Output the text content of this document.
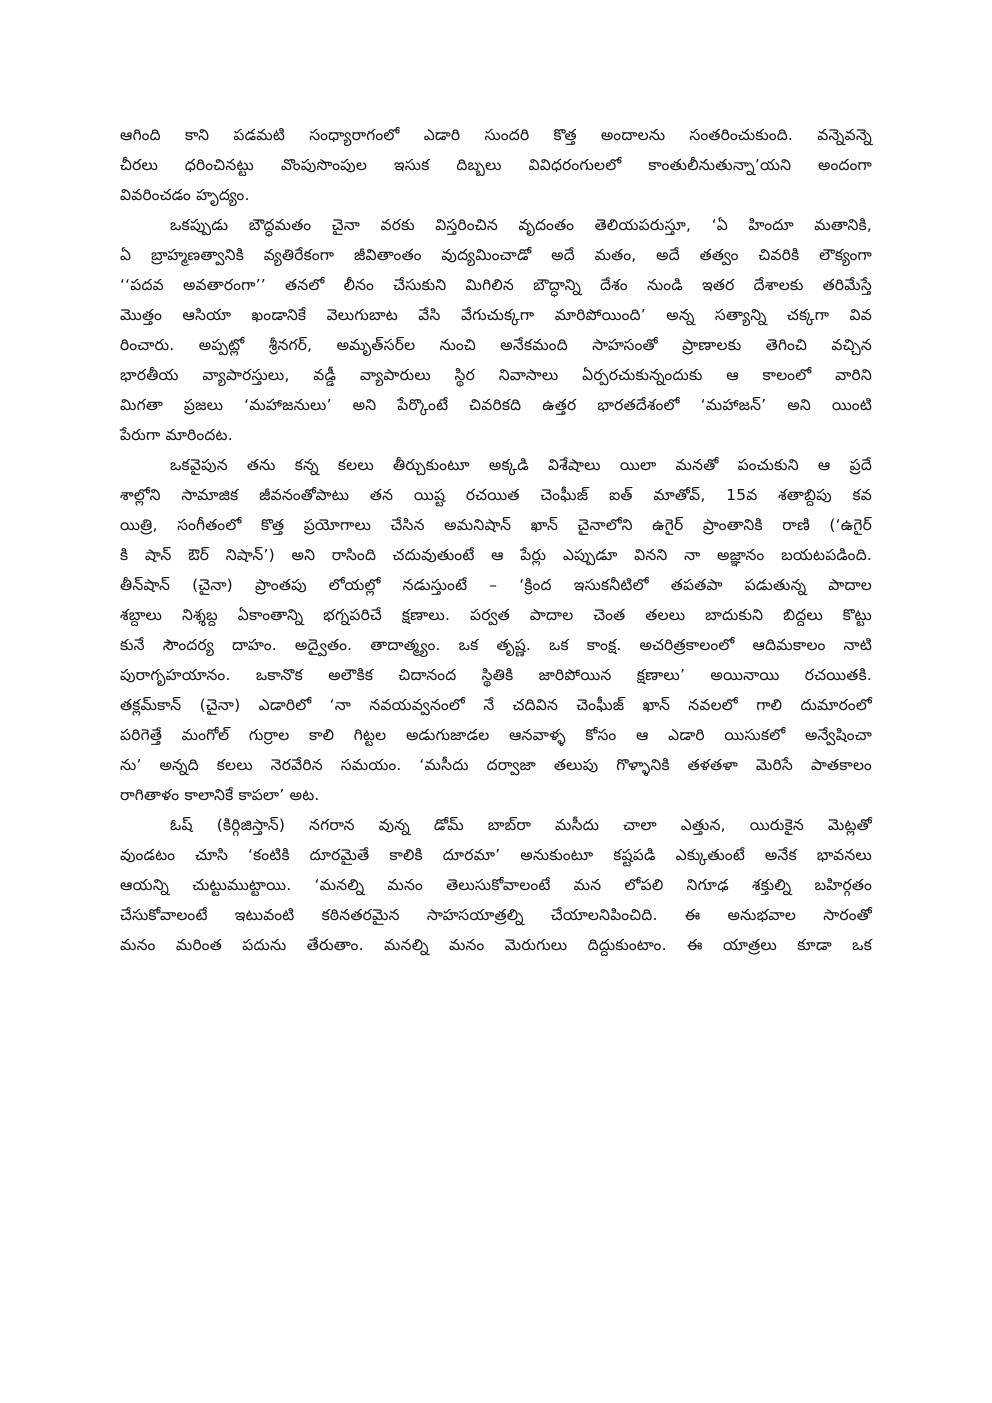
ఆగింది కాని పడమటి సంధ్యారాగంలో ఎడారి సుందరి కొత్త అందాలను సంతరించుకుంది. వన్నెవన్నె
చీరలు ధరించినట్టు వొంపుసొంపుల ఇసుక దిబ్బలు వివిధరంగులలో కాంతులీనుతున్నా’యని అందంగా
వివరించడం హృద్యం.
ఒకప్పుడు బౌద్ధమతం చైనా వరకు విస్తరించిన వృదంతం తెలియపరుస్తూ, ‘ఏ హిందూ మతానికి,
ఏ బ్రాహ్మణత్వానికి వ్యతిరేకంగా జీవితాంతం వుద్యమించాడో అదే మతం, అదే తత్వం చివరికి లౌక్యంగా
‘‘పదవ అవతారంగా’’ తనలో లీనం చేసుకుని మిగిలిన బౌద్ధాన్ని దేశం నుండి ఇతర దేశాలకు తరిమేస్తే
మొత్తం ఆసియా ఖండానికే వెలుగుబాట వేసి వేగుచుక్కగా మారిపోయింది’ అన్న సత్యాన్ని చక్కగా వివ
రించారు. అప్పట్లో శ్రీనగర్, అమృత్‌సర్‌ల నుంచి అనేకమంది సాహసంతో ప్రాణాలకు తెగించి వచ్చిన
భారతీయ వ్యాపారస్తులు, వడ్డీ వ్యాపారులు స్థిర నివాసాలు ఏర్పరచుకున్నందుకు ఆ కాలంలో వారిని
మిగతా ప్రజలు ‘మహాజనులు’ అని పేర్కొంటే చివరికది ఉత్తర భారతదేశంలో ‘మహాజన్’ అని యింటి
పేరుగా మారిందట.
ఒకవైపున తను కన్న కలలు తీర్చుకుంటూ అక్కడి విశేషాలు యిలా మనతో పంచుకుని ఆ ప్రదే
శాల్లోని సామాజిక జీవనంతోపాటు తన యిష్ట రచయిత చెంఘీజ్ ఐత్ మాతోవ్, 15వ శతాబ్దిపు కవ
యిత్రి, సంగీతంలో కొత్త ప్రయోగాలు చేసిన అమనిషాన్ ఖాన్ చైనాలోని ఉగైర్ ప్రాంతానికి రాణి (‘ఉగైర్
కి షాన్ ఔర్ నిషాన్’) అని రాసింది చదువుతుంటే ఆ పేర్లు ఎప్పుడూ వినని నా అజ్ఞానం బయటపడింది.
తీన్‌షాన్ (చైనా) ప్రాంతపు లోయల్లో నడుస్తుంటే – ‘క్రింద ఇసుకనీటిలో తపతపా పడుతున్న పాదాల
శబ్దాలు నిశ్శబ్ద ఏకాంతాన్ని భగ్నపరిచే క్షణాలు. పర్వత పాదాల చెంత తలలు బాదుకుని బిద్దలు కొట్టు
కునే సౌందర్య దాహం. అద్వైతం. తాదాత్మ్యం. ఒక తృష్ణ. ఒక కాంక్ష. అచరిత్రకాలంలో ఆదిమకాలం నాటి
పురాగృహయానం. ఒకానొక అలౌకిక చిదానంద స్థితికి జారిపోయిన క్షణాలు’ అయినాయి రచయితకి.
తక్లమ్‌కాన్ (చైనా) ఎడారిలో ‘నా నవయవ్వనంలో నే చదివిన చెంఘీజ్ ఖాన్ నవలలో గాలి దుమారంలో
పరిగెత్తే మంగోల్ గుర్రాల కాలి గిట్టల అడుగుజాడల ఆనవాళ్ళ కోసం ఆ ఎడారి యిసుకలో అన్వేషించా
ను’ అన్నది కలలు నెరవేరిన సమయం. ‘మసీదు దర్వాజా తలుపు గొళ్ళానికి తళతళా మెరిసే పాతకాలం
రాగితాళం కాలానికే కాపలా’ అట.
ఓష్ (కిర్గిజిస్తాన్) నగరాన వున్న డోమ్ బాబ్‌రా మసీదు చాలా ఎత్తున, యిరుకైన మెట్లతో
వుండటం చూసి ‘కంటికి దూరమైతే కాలికి దూరమా’ అనుకుంటూ కష్టపడి ఎక్కుతుంటే అనేక భావనలు
ఆయన్ని చుట్టుముట్టాయి. ‘మనల్ని మనం తెలుసుకోవాలంటే మన లోపలి నిగూఢ శక్తుల్ని బహిర్గతం
చేసుకోవాలంటే ఇటువంటి కఠినతరమైన సాహసయాత్రల్ని చేయాలనిపించిది. ఈ అనుభవాల సారంతో
మనం మరింత పదును తేరుతాం. మనల్ని మనం మెరుగులు దిద్దుకుంటాం. ఈ యాత్రలు కూడా ఒక
